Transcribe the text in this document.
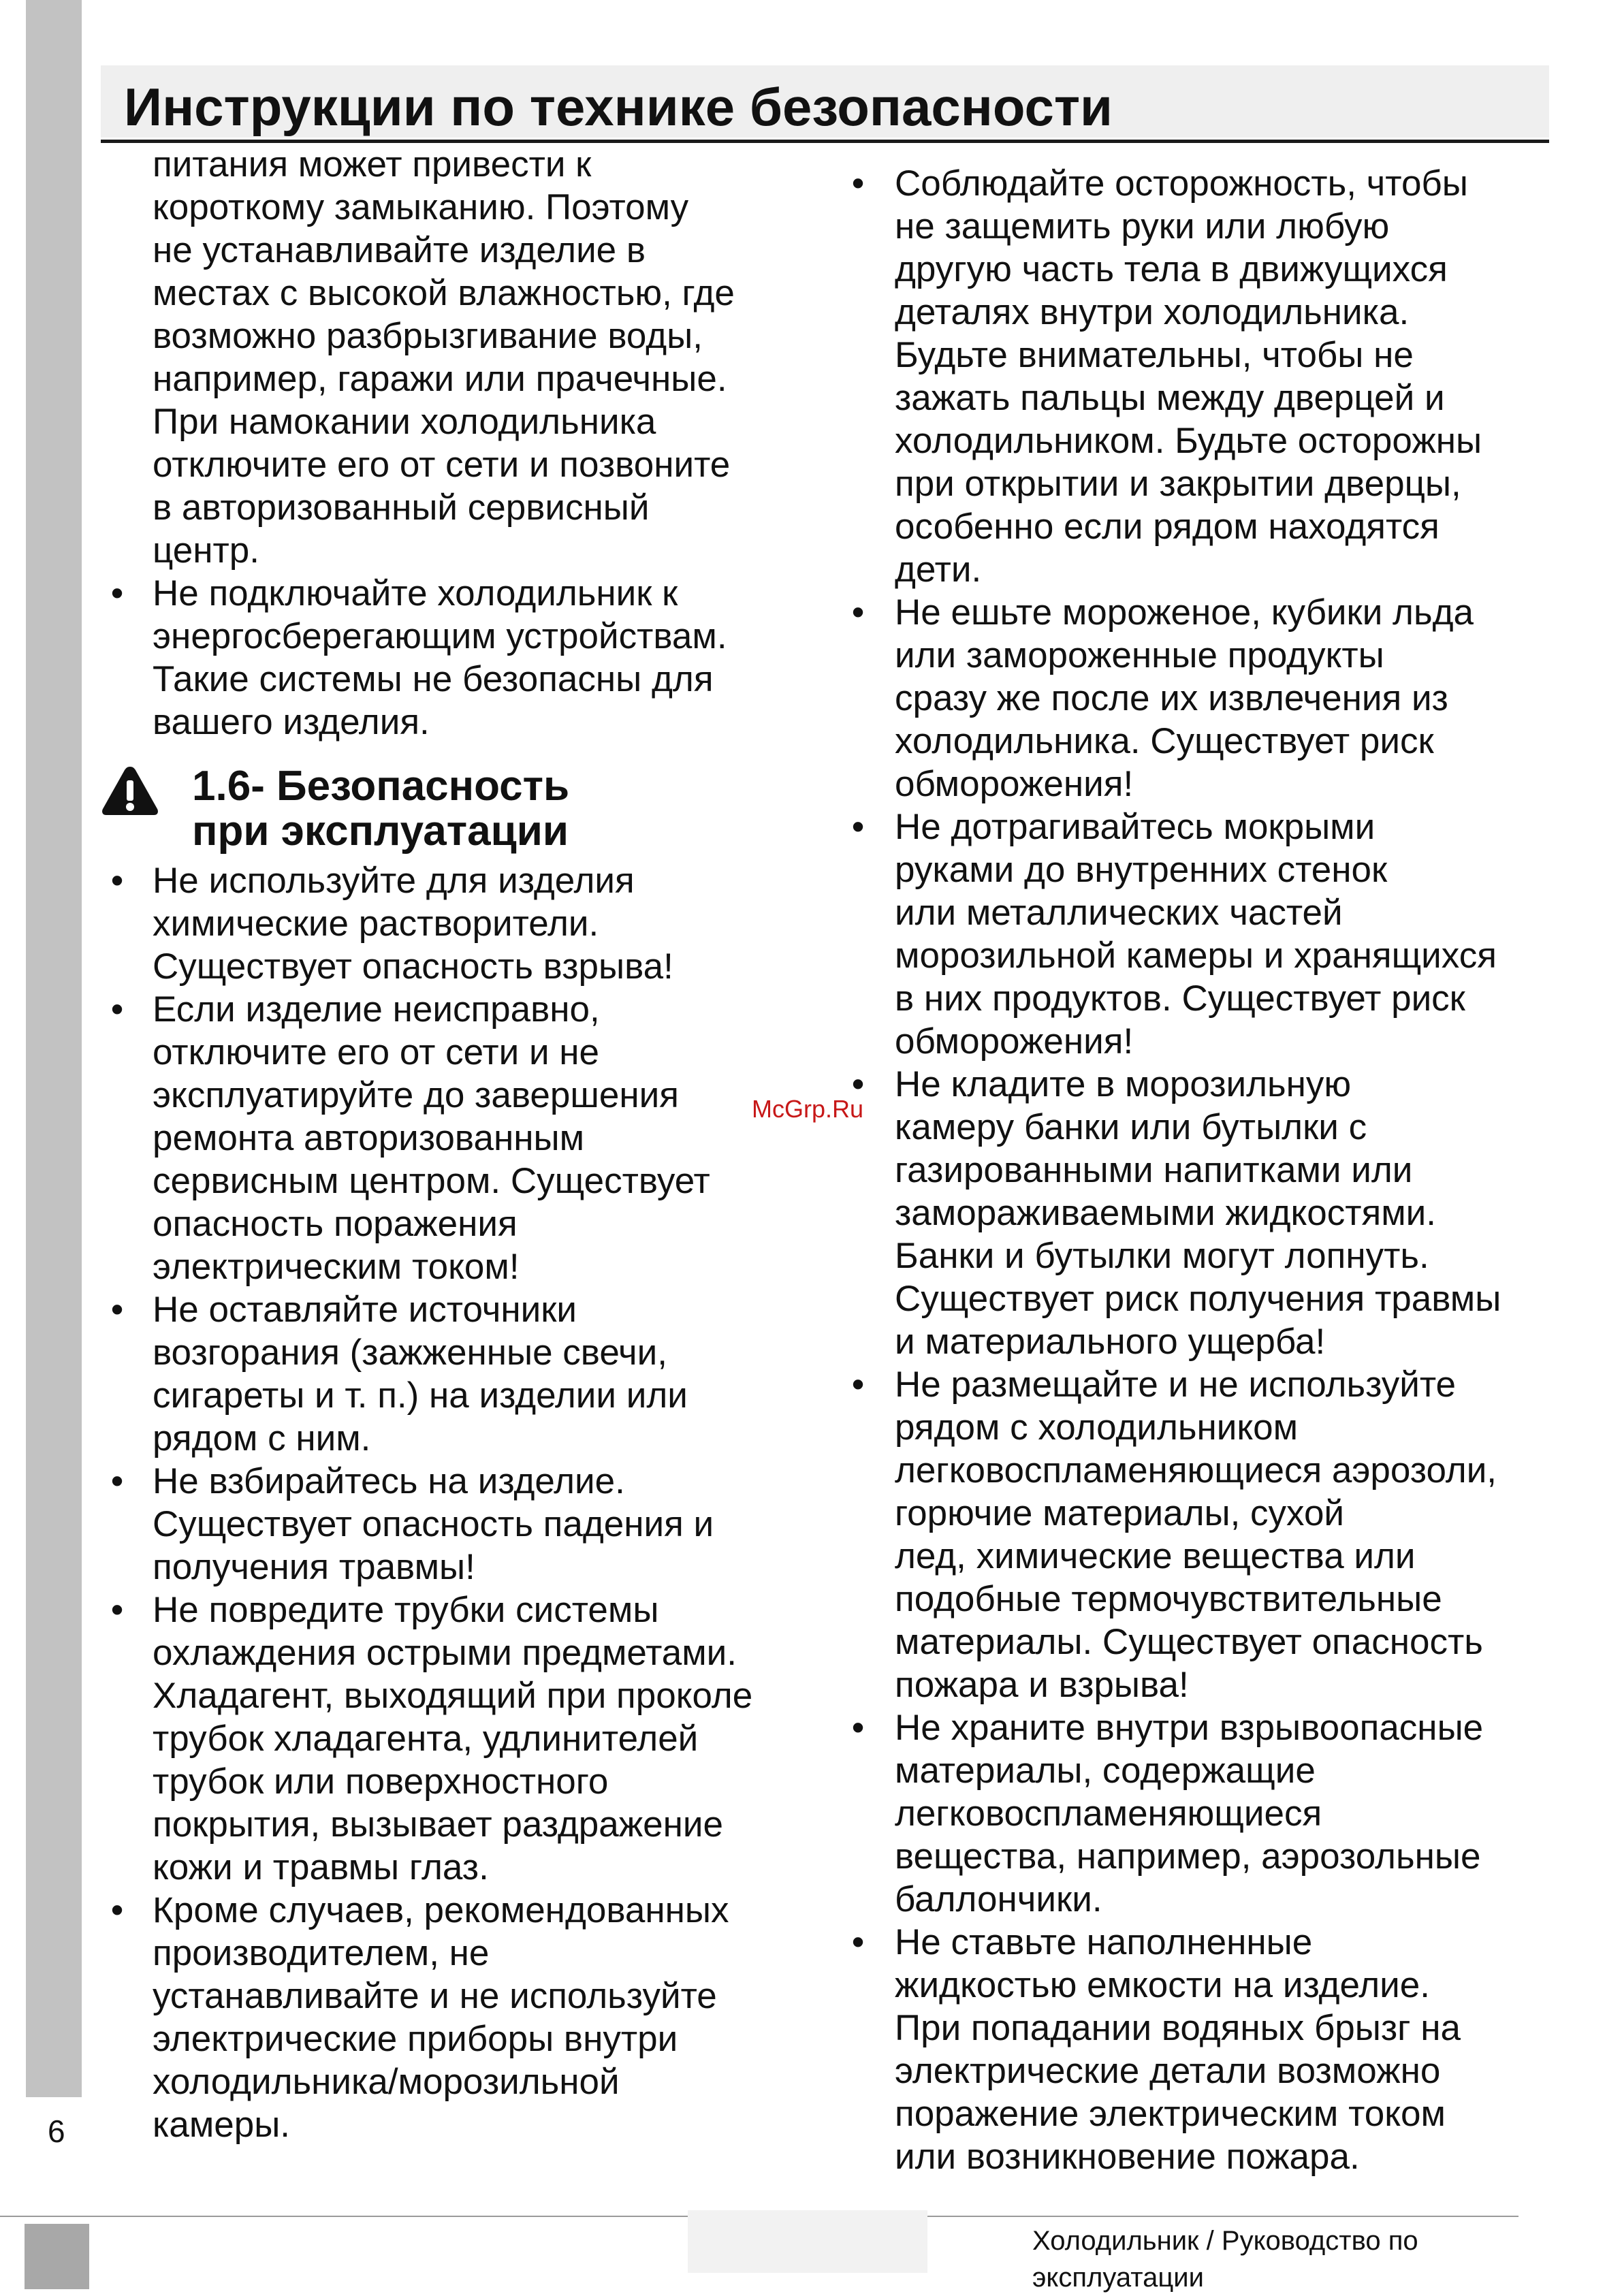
Инструкции по технике безопасности
питания может привести к
короткому замыканию. Поэтому
не устанавливайте изделие в
местах с высокой влажностью, где
возможно разбрызгивание воды,
например, гаражи или прачечные.
При намокании холодильника
отключите его от сети и позвоните
в авторизованный сервисный
центр.
• Не подключайте холодильник к
энергосберегающим устройствам.
Такие системы не безопасны для
вашего изделия.
1.6- Безопасность
при эксплуатации
• Не используйте для изделия
химические растворители.
Существует опасность взрыва!
• Если изделие неисправно,
отключите его от сети и не
эксплуатируйте до завершения
ремонта авторизованным
сервисным центром. Существует
опасность поражения
электрическим током!
• Не оставляйте источники
возгорания (зажженные свечи,
сигареты и т. п.) на изделии или
рядом с ним.
• Не взбирайтесь на изделие.
Существует опасность падения и
получения травмы!
• Не повредите трубки системы
охлаждения острыми предметами.
Хладагент, выходящий при проколе
трубок хладагента, удлинителей
трубок или поверхностного
покрытия, вызывает раздражение
кожи и травмы глаз.
• Кроме случаев, рекомендованных
производителем, не
устанавливайте и не используйте
электрические приборы внутри
холодильника/морозильной
камеры.
• Соблюдайте осторожность, чтобы
не защемить руки или любую
другую часть тела в движущихся
деталях внутри холодильника.
Будьте внимательны, чтобы не
зажать пальцы между дверцей и
холодильником. Будьте осторожны
при открытии и закрытии дверцы,
особенно если рядом находятся
дети.
• Не ешьте мороженое, кубики льда
или замороженные продукты
сразу же после их извлечения из
холодильника. Существует риск
обморожения!
• Не дотрагивайтесь мокрыми
руками до внутренних стенок
или металлических частей
морозильной камеры и хранящихся
в них продуктов. Существует риск
обморожения!
• Не кладите в морозильную
камеру банки или бутылки с
газированными напитками или
замораживаемыми жидкостями.
Банки и бутылки могут лопнуть.
Существует риск получения травмы
и материального ущерба!
• Не размещайте и не используйте
рядом с холодильником
легковоспламеняющиеся аэрозоли,
горючие материалы, сухой
лед, химические вещества или
подобные термочувствительные
материалы. Существует опасность
пожара и взрыва!
• Не храните внутри взрывоопасные
материалы, содержащие
легковоспламеняющиеся
вещества, например, аэрозольные
баллончики.
• Не ставьте наполненные
жидкостью емкости на изделие.
При попадании водяных брызг на
электрические детали возможно
поражение электрическим током
или возникновение пожара.
McGrp.Ru
6
Холодильник / Руководство по
эксплуатации
